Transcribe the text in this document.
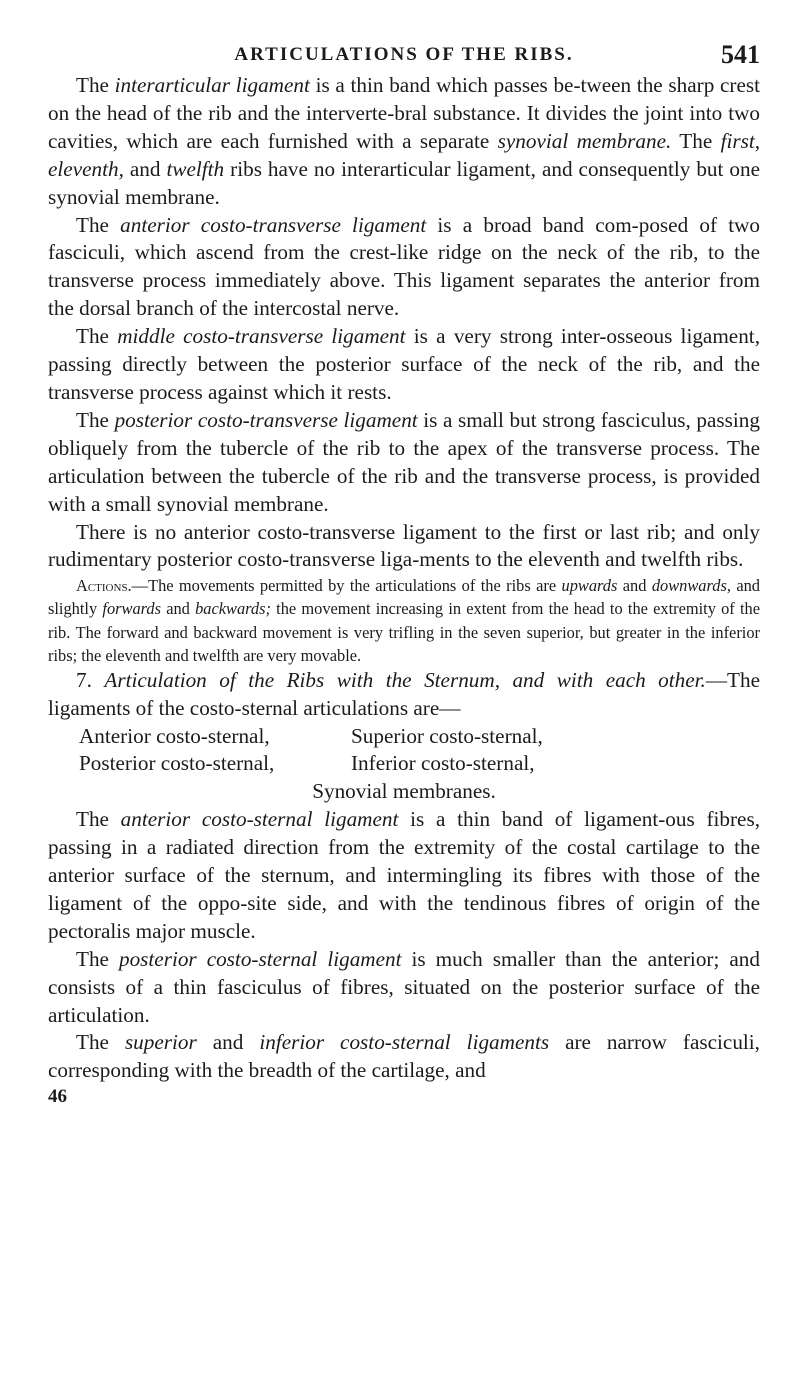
ARTICULATIONS OF THE RIBS.	541

The interarticular ligament is a thin band which passes be-tween the sharp crest on the head of the rib and the interverte-bral substance. It divides the joint into two cavities, which are each furnished with a separate synovial membrane. The first, eleventh, and twelfth ribs have no interarticular ligament, and consequently but one synovial membrane.

The anterior costo-transverse ligament is a broad band com-posed of two fasciculi, which ascend from the crest-like ridge on the neck of the rib, to the transverse process immediately above. This ligament separates the anterior from the dorsal branch of the intercostal nerve.

The middle costo-transverse ligament is a very strong inter-osseous ligament, passing directly between the posterior surface of the neck of the rib, and the transverse process against which it rests.

The posterior costo-transverse ligament is a small but strong fasciculus, passing obliquely from the tubercle of the rib to the apex of the transverse process. The articulation between the tubercle of the rib and the transverse process, is provided with a small synovial membrane.

There is no anterior costo-transverse ligament to the first or last rib; and only rudimentary posterior costo-transverse liga-ments to the eleventh and twelfth ribs.

Actions.—The movements permitted by the articulations of the ribs are upwards and downwards, and slightly forwards and backwards; the movement increasing in extent from the head to the extremity of the rib. The forward and backward movement is very trifling in the seven superior, but greater in the inferior ribs; the eleventh and twelfth are very movable.

7. Articulation of the Ribs with the Sternum, and with each other.—The ligaments of the costo-sternal articulations are—

Anterior costo-sternal,	Superior costo-sternal,
Posterior costo-sternal,	Inferior costo-sternal,
Synovial membranes.

The anterior costo-sternal ligament is a thin band of ligament-ous fibres, passing in a radiated direction from the extremity of the costal cartilage to the anterior surface of the sternum, and intermingling its fibres with those of the ligament of the oppo-site side, and with the tendinous fibres of origin of the pectoralis major muscle.

The posterior costo-sternal ligament is much smaller than the anterior; and consists of a thin fasciculus of fibres, situated on the posterior surface of the articulation.

The superior and inferior costo-sternal ligaments are narrow fasciculi, corresponding with the breadth of the cartilage, and

46
